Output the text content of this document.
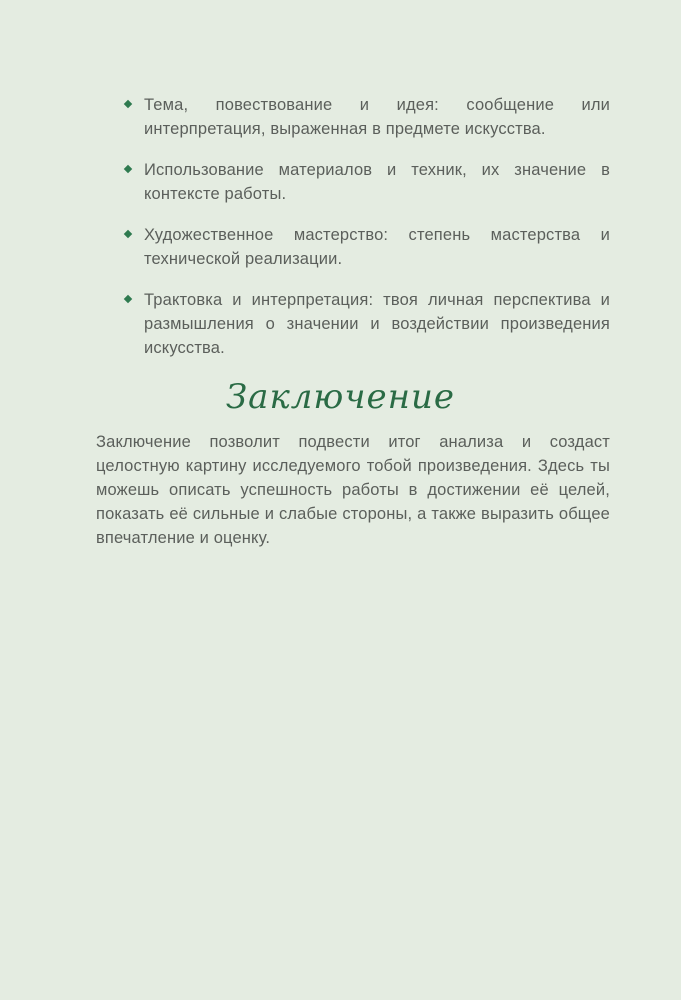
Тема, повествование и идея: сообщение или интерпретация, выраженная в предмете искусства.
Использование материалов и техник, их значение в контексте работы.
Художественное мастерство: степень мастерства и технической реализации.
Трактовка и интерпретация: твоя личная перспектива и размышления о значении и воздействии произведения искусства.
Заключение

Заключение позволит подвести итог анализа и создаст целостную картину исследуемого тобой произведения. Здесь ты можешь описать успешность работы в достижении её целей, показать её сильные и слабые стороны, а также выразить общее впечатление и оценку.
